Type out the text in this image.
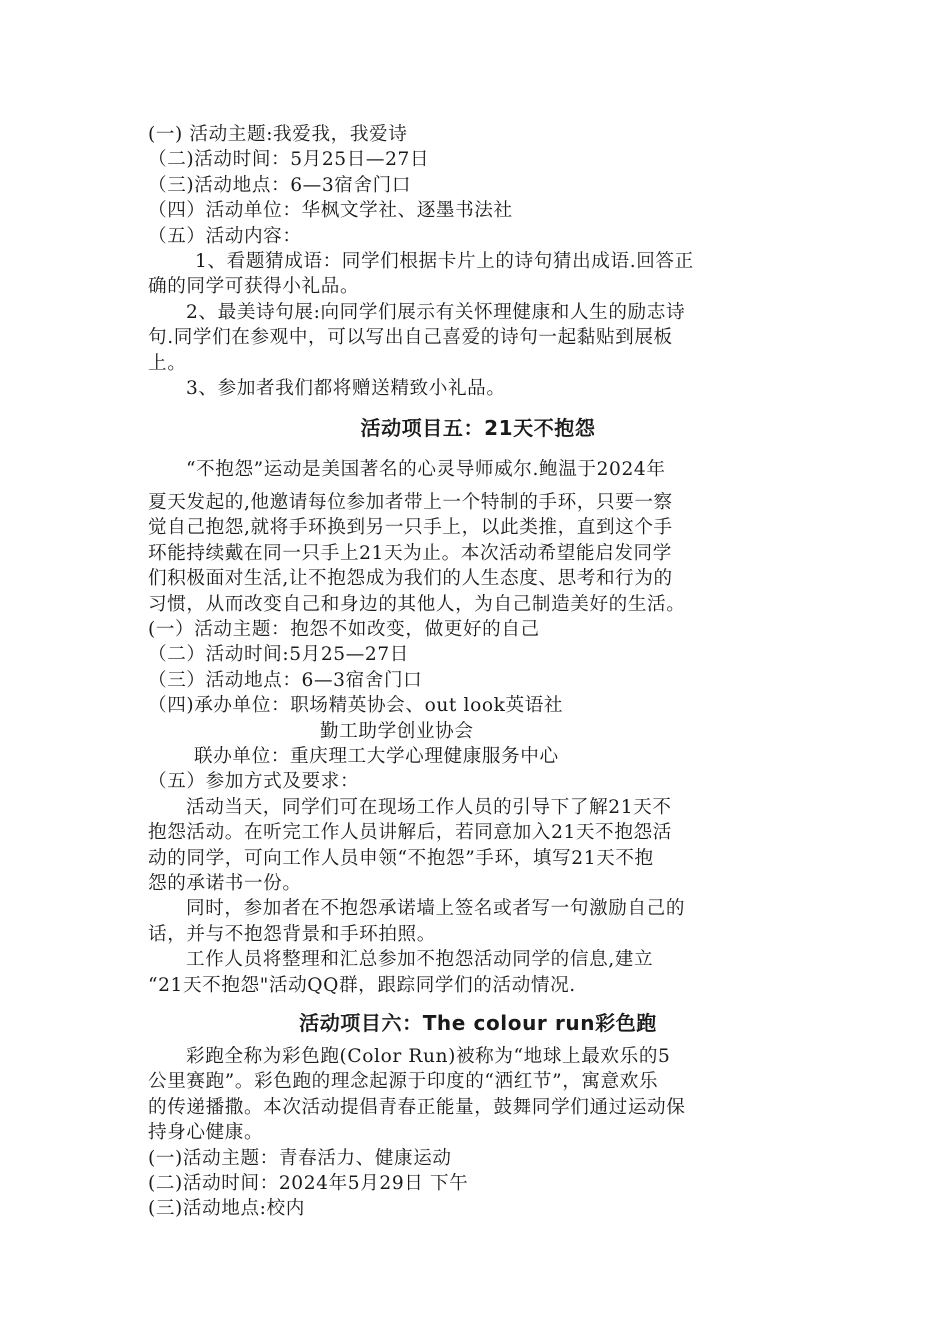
(一) 活动主题:我爱我，我爱诗
（二)活动时间：5月25日—27日
（三)活动地点：6—3宿舍门口
（四）活动单位：华枫文学社、逐墨书法社
（五）活动内容：
1、看题猜成语：同学们根据卡片上的诗句猜出成语.回答正
确的同学可获得小礼品。
2、最美诗句展:向同学们展示有关怀理健康和人生的励志诗
句.同学们在参观中，可以写出自己喜爱的诗句一起黏贴到展板
上。
3、参加者我们都将赠送精致小礼品。
活动项目五：21天不抱怨
“不抱怨”运动是美国著名的心灵导师威尔.鲍温于2024年
夏天发起的,他邀请每位参加者带上一个特制的手环，只要一察
觉自己抱怨,就将手环换到另一只手上，以此类推，直到这个手
环能持续戴在同一只手上21天为止。本次活动希望能启发同学
们积极面对生活,让不抱怨成为我们的人生态度、思考和行为的
习惯，从而改变自己和身边的其他人，为自己制造美好的生活。
(一）活动主题：抱怨不如改变，做更好的自己
（二）活动时间:5月25—27日
（三）活动地点：6—3宿舍门口
（四)承办单位：职场精英协会、out look英语社
勤工助学创业协会
联办单位：重庆理工大学心理健康服务中心
（五）参加方式及要求：
活动当天，同学们可在现场工作人员的引导下了解21天不
抱怨活动。在听完工作人员讲解后，若同意加入21天不抱怨活
动的同学，可向工作人员申领“不抱怨”手环，填写21天不抱
怨的承诺书一份。
同时，参加者在不抱怨承诺墙上签名或者写一句激励自己的
话，并与不抱怨背景和手环拍照。
工作人员将整理和汇总参加不抱怨活动同学的信息,建立
“21天不抱怨"活动QQ群，跟踪同学们的活动情况.
活动项目六：The colour run彩色跑
彩跑全称为彩色跑(Color Run)被称为“地球上最欢乐的5
公里赛跑”。彩色跑的理念起源于印度的“洒红节”，寓意欢乐
的传递播撒。本次活动提倡青春正能量，鼓舞同学们通过运动保
持身心健康。
(一)活动主题：青春活力、健康运动
(二)活动时间：2024年5月29日 下午
(三)活动地点:校内
